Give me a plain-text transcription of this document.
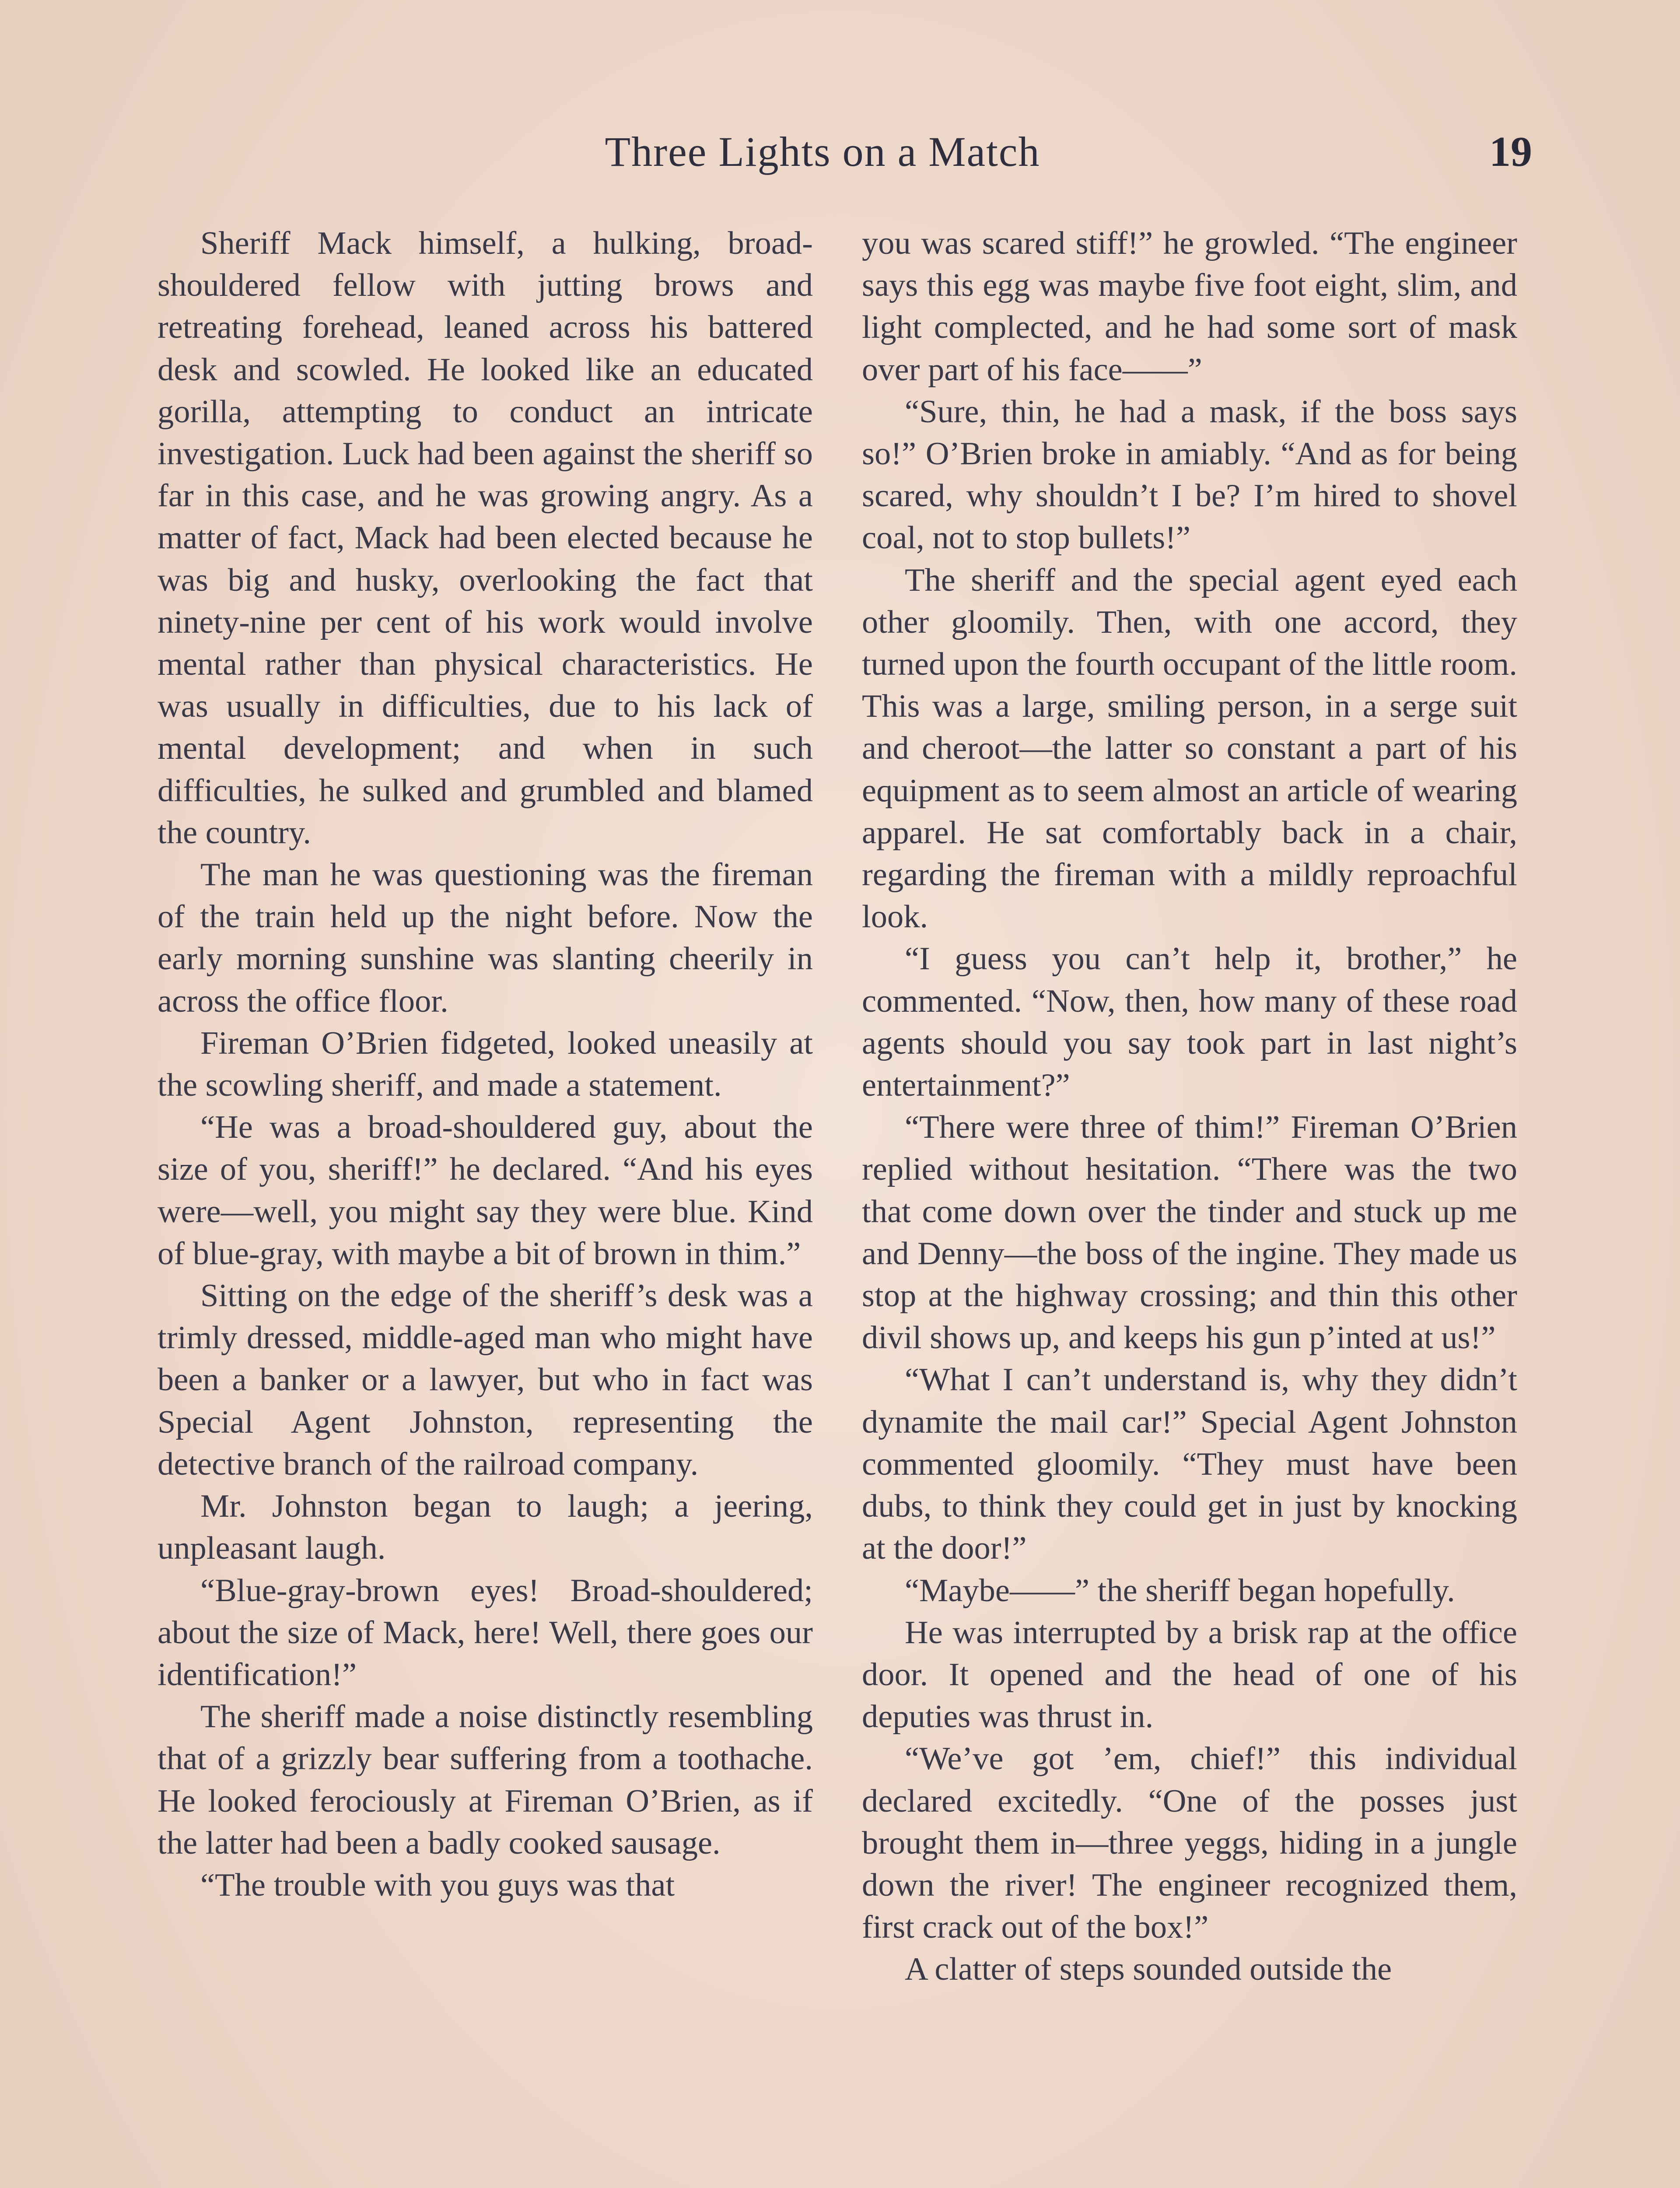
Three Lights on a Match	19

Sheriff Mack himself, a hulking, broad-shouldered fellow with jutting brows and retreating forehead, leaned across his battered desk and scowled. He looked like an educated gorilla, attempting to conduct an intricate investigation. Luck had been against the sheriff so far in this case, and he was growing angry. As a matter of fact, Mack had been elected because he was big and husky, overlooking the fact that ninety-nine per cent of his work would involve mental rather than physical characteristics. He was usually in difficulties, due to his lack of mental development; and when in such difficulties, he sulked and grumbled and blamed the country.

The man he was questioning was the fireman of the train held up the night before. Now the early morning sunshine was slanting cheerily in across the office floor.

Fireman O’Brien fidgeted, looked uneasily at the scowling sheriff, and made a statement.

“He was a broad-shouldered guy, about the size of you, sheriff!” he declared. “And his eyes were—well, you might say they were blue. Kind of blue-gray, with maybe a bit of brown in thim.”

Sitting on the edge of the sheriff’s desk was a trimly dressed, middle-aged man who might have been a banker or a lawyer, but who in fact was Special Agent Johnston, representing the detective branch of the railroad company.

Mr. Johnston began to laugh; a jeering, unpleasant laugh.

“Blue-gray-brown eyes! Broad-shouldered; about the size of Mack, here! Well, there goes our identification!”

The sheriff made a noise distinctly resembling that of a grizzly bear suffering from a toothache. He looked ferociously at Fireman O’Brien, as if the latter had been a badly cooked sausage.

“The trouble with you guys was that

you was scared stiff!” he growled. “The engineer says this egg was maybe five foot eight, slim, and light complected, and he had some sort of mask over part of his face——”

“Sure, thin, he had a mask, if the boss says so!” O’Brien broke in amiably. “And as for being scared, why shouldn’t I be? I’m hired to shovel coal, not to stop bullets!”

The sheriff and the special agent eyed each other gloomily. Then, with one accord, they turned upon the fourth occupant of the little room. This was a large, smiling person, in a serge suit and cheroot—the latter so constant a part of his equipment as to seem almost an article of wearing apparel. He sat comfortably back in a chair, regarding the fireman with a mildly reproachful look.

“I guess you can’t help it, brother,” he commented. “Now, then, how many of these road agents should you say took part in last night’s entertainment?”

“There were three of thim!” Fireman O’Brien replied without hesitation. “There was the two that come down over the tinder and stuck up me and Denny—the boss of the ingine. They made us stop at the highway crossing; and thin this other divil shows up, and keeps his gun p’inted at us!”

“What I can’t understand is, why they didn’t dynamite the mail car!” Special Agent Johnston commented gloomily. “They must have been dubs, to think they could get in just by knocking at the door!”

“Maybe——” the sheriff began hopefully.

He was interrupted by a brisk rap at the office door. It opened and the head of one of his deputies was thrust in.

“We’ve got ’em, chief!” this individual declared excitedly. “One of the posses just brought them in—three yeggs, hiding in a jungle down the river! The engineer recognized them, first crack out of the box!”

A clatter of steps sounded outside the
